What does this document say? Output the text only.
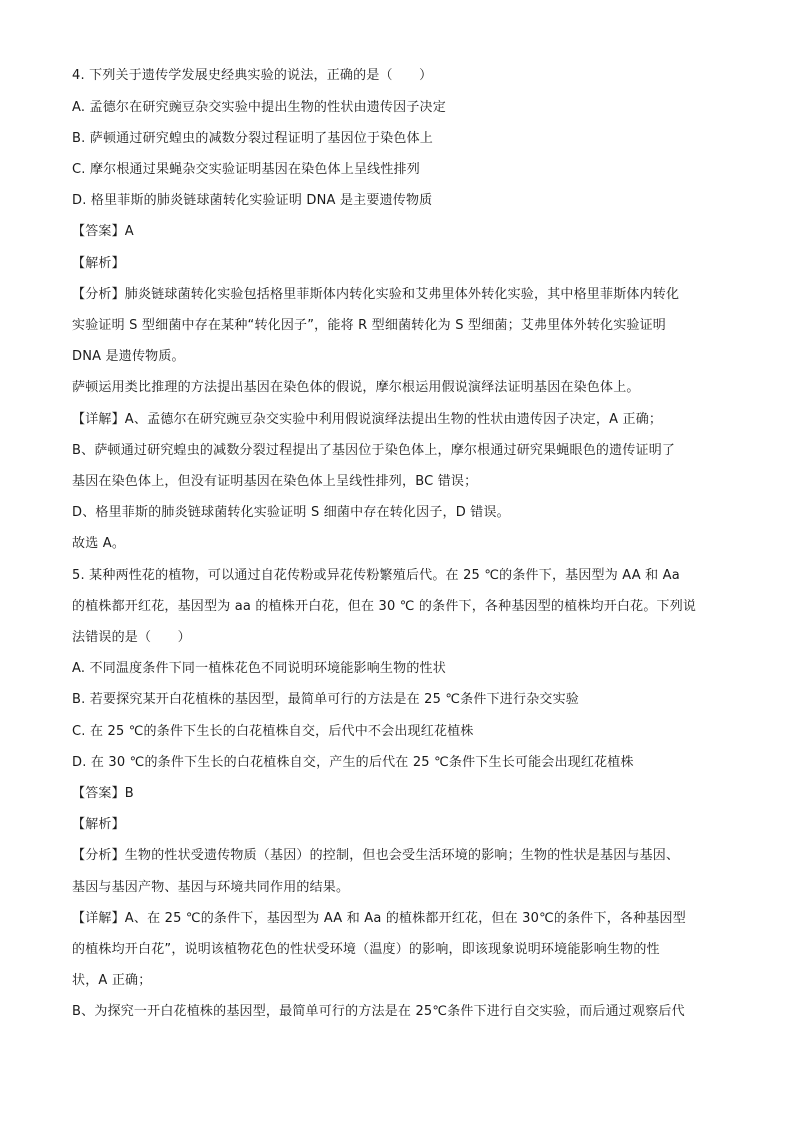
4. 下列关于遗传学发展史经典实验的说法，正确的是（　　）
A. 孟德尔在研究豌豆杂交实验中提出生物的性状由遗传因子决定
B. 萨顿通过研究蝗虫的减数分裂过程证明了基因位于染色体上
C. 摩尔根通过果蝇杂交实验证明基因在染色体上呈线性排列
D. 格里菲斯的肺炎链球菌转化实验证明 DNA 是主要遗传物质
【答案】A
【解析】
【分析】肺炎链球菌转化实验包括格里菲斯体内转化实验和艾弗里体外转化实验，其中格里菲斯体内转化
实验证明 S 型细菌中存在某种“转化因子”，能将 R 型细菌转化为 S 型细菌；艾弗里体外转化实验证明
DNA 是遗传物质。
萨顿运用类比推理的方法提出基因在染色体的假说，摩尔根运用假说演绎法证明基因在染色体上。
【详解】A、孟德尔在研究豌豆杂交实验中利用假说演绎法提出生物的性状由遗传因子决定，A 正确；
B、萨顿通过研究蝗虫的减数分裂过程提出了基因位于染色体上，摩尔根通过研究果蝇眼色的遗传证明了
基因在染色体上，但没有证明基因在染色体上呈线性排列，BC 错误；
D、格里菲斯的肺炎链球菌转化实验证明 S 细菌中存在转化因子，D 错误。
故选 A。
5. 某种两性花的植物，可以通过自花传粉或异花传粉繁殖后代。在 25 ℃的条件下，基因型为 AA 和 Aa
的植株都开红花，基因型为 aa 的植株开白花，但在 30 ℃ 的条件下，各种基因型的植株均开白花。下列说
法错误的是（　　）
A. 不同温度条件下同一植株花色不同说明环境能影响生物的性状
B. 若要探究某开白花植株的基因型，最简单可行的方法是在 25 ℃条件下进行杂交实验
C. 在 25 ℃的条件下生长的白花植株自交，后代中不会出现红花植株
D. 在 30 ℃的条件下生长的白花植株自交，产生的后代在 25 ℃条件下生长可能会出现红花植株
【答案】B
【解析】
【分析】生物的性状受遗传物质（基因）的控制，但也会受生活环境的影响；生物的性状是基因与基因、
基因与基因产物、基因与环境共同作用的结果。
【详解】A、在 25 ℃的条件下，基因型为 AA 和 Aa 的植株都开红花，但在 30℃的条件下，各种基因型
的植株均开白花”，说明该植物花色的性状受环境（温度）的影响，即该现象说明环境能影响生物的性
状，A 正确；
B、为探究一开白花植株的基因型，最简单可行的方法是在 25℃条件下进行自交实验，而后通过观察后代
